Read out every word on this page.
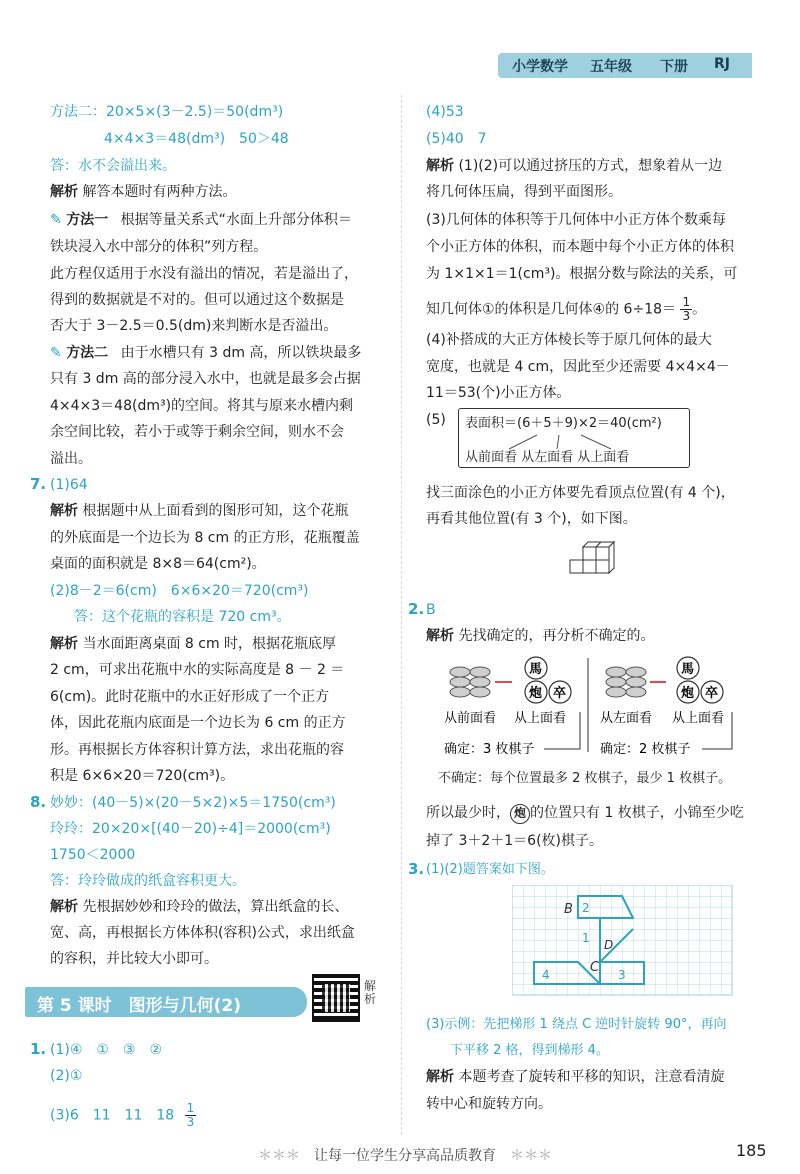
小学数学 五年级 下册 RJ
方法二：20×5×(3－2.5)＝50(dm³)
4×4×3＝48(dm³)　50＞48
答：水不会溢出来。
解析 解答本题时有两种方法。
✎ 方法一 根据等量关系式“水面上升部分体积＝
铁块浸入水中部分的体积”列方程。
此方程仅适用于水没有溢出的情况，若是溢出了，
得到的数据就是不对的。但可以通过这个数据是
否大于 3－2.5＝0.5(dm)来判断水是否溢出。
✎ 方法二 由于水槽只有 3 dm 高，所以铁块最多
只有 3 dm 高的部分浸入水中，也就是最多会占据
4×4×3＝48(dm³)的空间。将其与原来水槽内剩
余空间比较，若小于或等于剩余空间，则水不会
溢出。
7. (1)64
解析 根据题中从上面看到的图形可知，这个花瓶
的外底面是一个边长为 8 cm 的正方形，花瓶覆盖
桌面的面积就是 8×8＝64(cm²)。
(2)8－2＝6(cm)　6×6×20＝720(cm³)
答：这个花瓶的容积是 720 cm³。
解析 当水面距离桌面 8 cm 时，根据花瓶底厚
2 cm，可求出花瓶中水的实际高度是 8 － 2 ＝
6(cm)。此时花瓶中的水正好形成了一个正方
体，因此花瓶内底面是一个边长为 6 cm 的正方
形。再根据长方体容积计算方法，求出花瓶的容
积是 6×6×20＝720(cm³)。
8. 妙妙：(40－5)×(20－5×2)×5＝1750(cm³)
玲玲：20×20×[(40－20)÷4]＝2000(cm³)
1750＜2000
答：玲玲做成的纸盒容积更大。
解析 先根据妙妙和玲玲的做法，算出纸盒的长、
宽、高，再根据长方体体积(容积)公式，求出纸盒
的容积，并比较大小即可。
第 5 课时　图形与几何(2)
解析
1. (1)④　①　③　②
(2)①
(3)6　11　11　$18 \frac{1}{3}$
(4)53
(5)40　7
解析 (1)(2)可以通过挤压的方式，想象着从一边
将几何体压扁，得到平面图形。
(3)几何体的体积等于几何体中小正方体个数乘每
个小正方体的体积，而本题中每个小正方体的体积
为 1×1×1＝1(cm³)。根据分数与除法的关系，可
知几何体①的体积是几何体④的 $6\div 18= \frac{1}{3}$ 。
(4)补搭成的大正方体棱长等于原几何体的最大
宽度，也就是 4 cm，因此至少还需要 4×4×4－
11＝53(个)小正方体。
(5) 表面积＝(6＋5＋9)×2＝40(cm²)
从前面看 从左面看 从上面看
找三面涂色的小正方体要先看顶点位置(有 4 个)，
再看其他位置(有 3 个)，如下图。
2. B
解析 先找确定的，再分析不确定的。
馬
炮 卒
馬
炮 卒
从前面看 从上面看	从左面看 从上面看
确定：3 枚棋子	确定：2 枚棋子
不确定：每个位置最多 2 枚棋子，最少 1 枚棋子。
所以最少时， 炮 的位置只有 1 枚棋子，小锦至少吃
掉了 3＋2＋1＝6(枚)棋子。
3. (1)(2)题答案如下图。
B 2
1 D
C
4	3
(3)示例：先把梯形 1 绕点 C 逆时针旋转 90°，再向
下平移 2 格，得到梯形 4。
解析 本题考查了旋转和平移的知识，注意看清旋
转中心和旋转方向。
＊＊＊　让每一位学生分享高品质教育　＊＊＊	185
